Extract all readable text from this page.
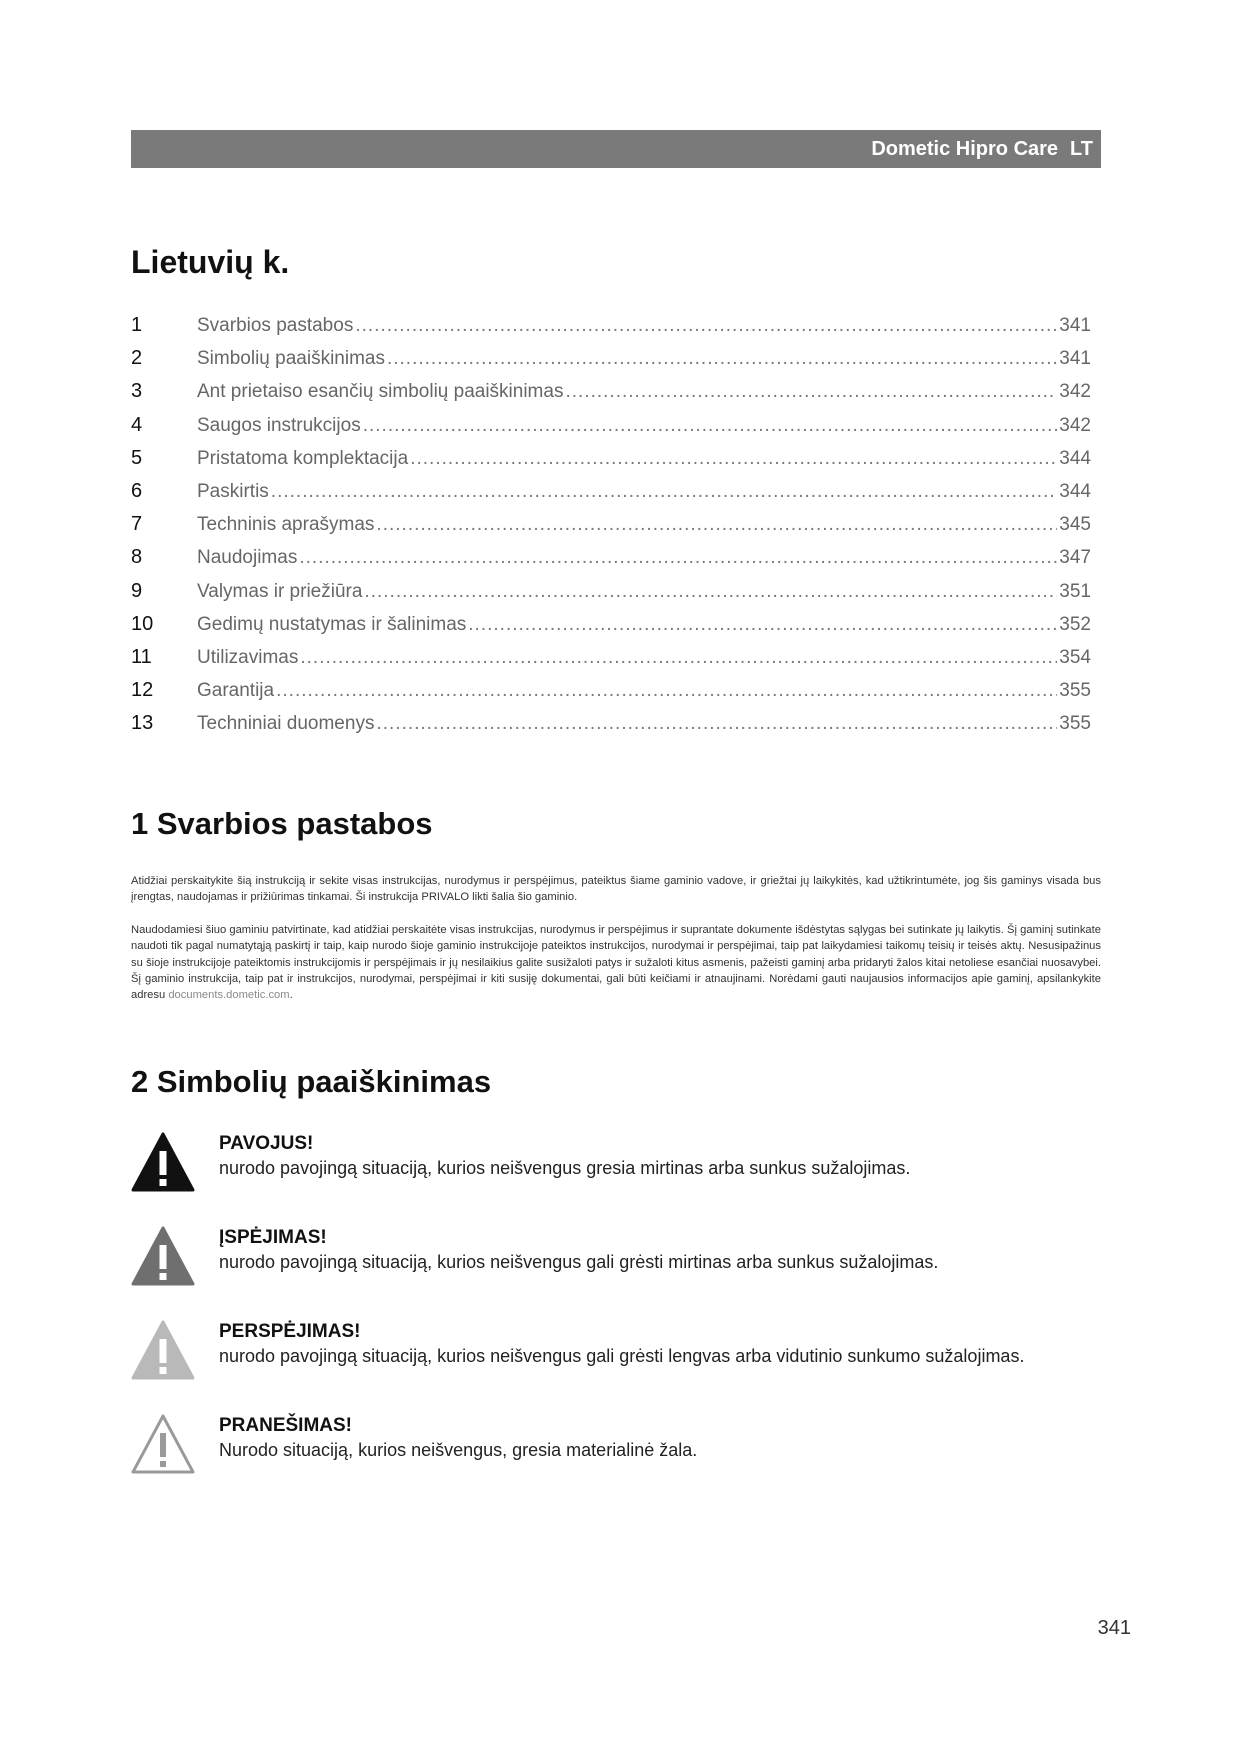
Dometic Hipro Care LT
Lietuvių k.
1	Svarbios pastabos .....	341
2	Simbolių paaiškinimas .....	341
3	Ant prietaiso esančių simbolių paaiškinimas .....	342
4	Saugos instrukcijos .....	342
5	Pristatoma komplektacija .....	344
6	Paskirtis .....	344
7	Techninis aprašymas .....	345
8	Naudojimas .....	347
9	Valymas ir priežiūra .....	351
10	Gedimų nustatymas ir šalinimas .....	352
11	Utilizavimas .....	354
12	Garantija .....	355
13	Techniniai duomenys .....	355
1 Svarbios pastabos

Atidžiai perskaitykite šią instrukciją ir sekite visas instrukcijas, nurodymus ir perspėjimus, pateiktus šiame gaminio vadove, ir griežtai jų laikykitės, kad užtikrintumėte, jog šis gaminys visada bus įrengtas, naudojamas ir prižiūrimas tinkamai. Ši instrukcija PRIVALO likti šalia šio gaminio.

Naudodamiesi šiuo gaminiu patvirtinate, kad atidžiai perskaitėte visas instrukcijas, nurodymus ir perspėjimus ir suprantate dokumente išdėstytas sąlygas bei sutinkate jų laikytis. Šį gaminį sutinkate naudoti tik pagal numatytąją paskirtį ir taip, kaip nurodo šioje gaminio instrukcijoje pateiktos instrukcijos, nurodymai ir perspėjimai, taip pat laikydamiesi taikomų teisių ir teisės aktų. Nesusipažinus su šioje instrukcijoje pateiktomis instrukcijomis ir perspėjimais ir jų nesilaikius galite susižaloti patys ir sužaloti kitus asmenis, pažeisti gaminį arba pridaryti žalos kitai netoliese esančiai nuosavybei. Šį gaminio instrukcija, taip pat ir instrukcijos, nurodymai, perspėjimai ir kiti susiję dokumentai, gali būti keičiami ir atnaujinami. Norėdami gauti naujausios informacijos apie gaminį, apsilankykite adresu documents.dometic.com.

2 Simbolių paaiškinimas
PAVOJUS!
nurodo pavojingą situaciją, kurios neišvengus gresia mirtinas arba sunkus sužalojimas.
ĮSPĖJIMAS!
nurodo pavojingą situaciją, kurios neišvengus gali grėsti mirtinas arba sunkus sužalojimas.
PERSPĖJIMAS!
nurodo pavojingą situaciją, kurios neišvengus gali grėsti lengvas arba vidutinio sunkumo sužalojimas.
PRANEŠIMAS!
Nurodo situaciją, kurios neišvengus, gresia materialinė žala.
341
